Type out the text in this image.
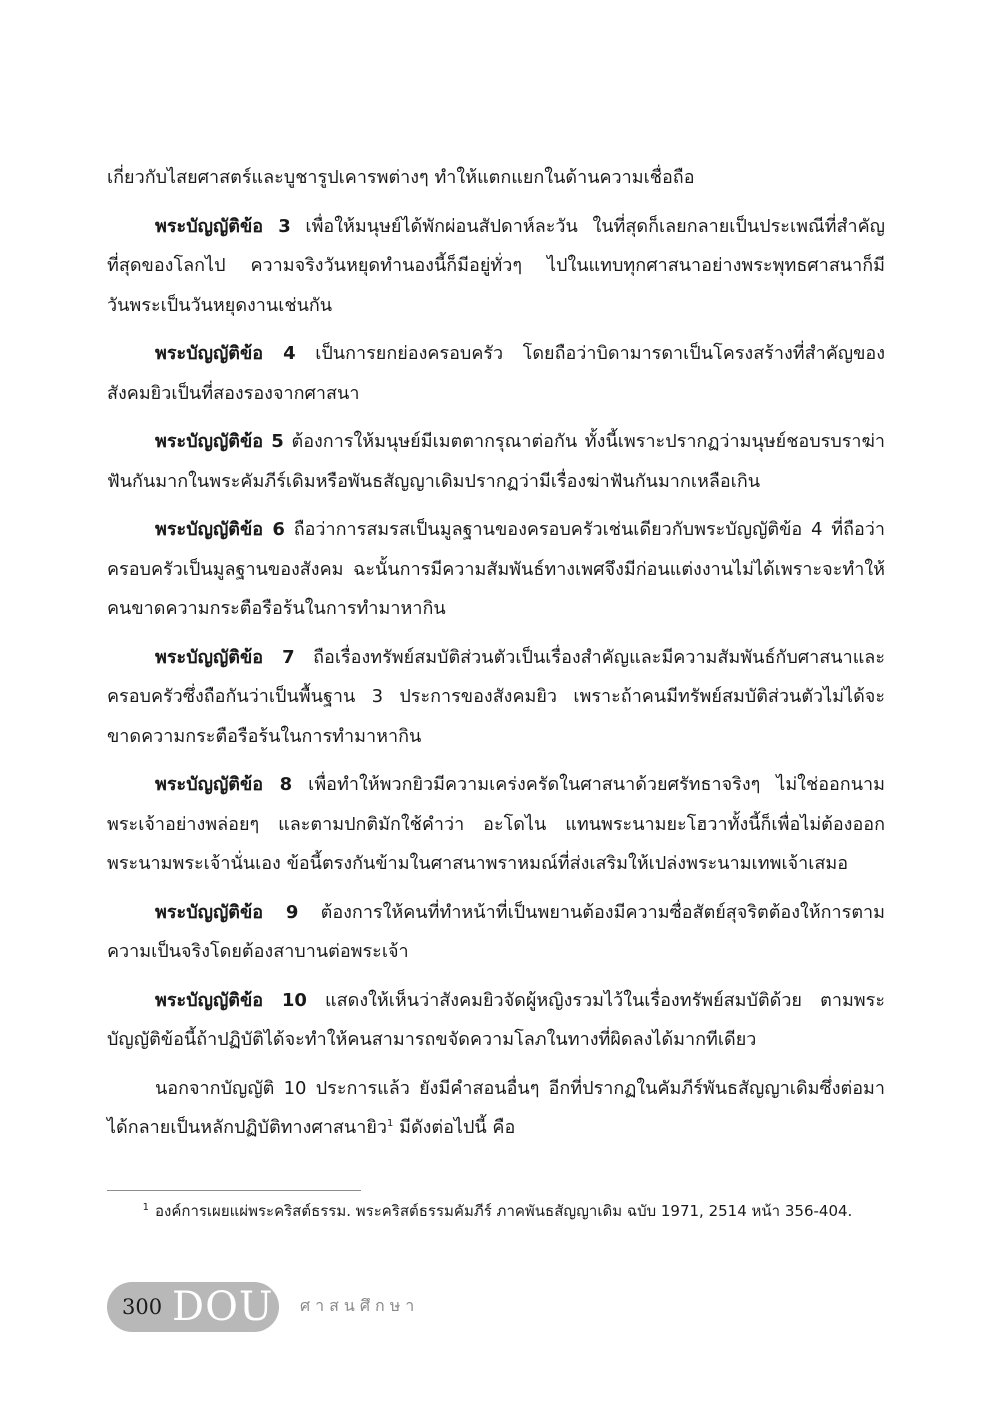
เกี่ยวกับไสยศาสตร์และบูชารูปเคารพต่างๆ ทำให้แตกแยกในด้านความเชื่อถือ

พระบัญญัติข้อ 3 เพื่อให้มนุษย์ได้พักผ่อนสัปดาห์ละวัน ในที่สุดก็เลยกลายเป็นประเพณีที่สำคัญที่สุดของโลกไป ความจริงวันหยุดทำนองนี้ก็มีอยู่ทั่วๆ ไปในแทบทุกศาสนาอย่างพระพุทธศาสนาก็มีวันพระเป็นวันหยุดงานเช่นกัน

พระบัญญัติข้อ 4 เป็นการยกย่องครอบครัว โดยถือว่าบิดามารดาเป็นโครงสร้างที่สำคัญของสังคมยิวเป็นที่สองรองจากศาสนา

พระบัญญัติข้อ 5 ต้องการให้มนุษย์มีเมตตากรุณาต่อกัน ทั้งนี้เพราะปรากฏว่ามนุษย์ชอบรบราฆ่าฟันกันมากในพระคัมภีร์เดิมหรือพันธสัญญาเดิมปรากฏว่ามีเรื่องฆ่าฟันกันมากเหลือเกิน

พระบัญญัติข้อ 6 ถือว่าการสมรสเป็นมูลฐานของครอบครัวเช่นเดียวกับพระบัญญัติข้อ 4 ที่ถือว่าครอบครัวเป็นมูลฐานของสังคม ฉะนั้นการมีความสัมพันธ์ทางเพศจึงมีก่อนแต่งงานไม่ได้เพราะจะทำให้คนขาดความกระตือรือร้นในการทำมาหากิน

พระบัญญัติข้อ 7 ถือเรื่องทรัพย์สมบัติส่วนตัวเป็นเรื่องสำคัญและมีความสัมพันธ์กับศาสนาและครอบครัวซึ่งถือกันว่าเป็นพื้นฐาน 3 ประการของสังคมยิว เพราะถ้าคนมีทรัพย์สมบัติส่วนตัวไม่ได้จะขาดความกระตือรือร้นในการทำมาหากิน

พระบัญญัติข้อ 8 เพื่อทำให้พวกยิวมีความเคร่งครัดในศาสนาด้วยศรัทธาจริงๆ ไม่ใช่ออกนามพระเจ้าอย่างพล่อยๆ และตามปกติมักใช้คำว่า อะโดไน แทนพระนามยะโฮวาทั้งนี้ก็เพื่อไม่ต้องออกพระนามพระเจ้านั่นเอง ข้อนี้ตรงกันข้ามในศาสนาพราหมณ์ที่ส่งเสริมให้เปล่งพระนามเทพเจ้าเสมอ

พระบัญญัติข้อ 9 ต้องการให้คนที่ทำหน้าที่เป็นพยานต้องมีความซื่อสัตย์สุจริตต้องให้การตามความเป็นจริงโดยต้องสาบานต่อพระเจ้า

พระบัญญัติข้อ 10 แสดงให้เห็นว่าสังคมยิวจัดผู้หญิงรวมไว้ในเรื่องทรัพย์สมบัติด้วย ตามพระบัญญัติข้อนี้ถ้าปฏิบัติได้จะทำให้คนสามารถขจัดความโลภในทางที่ผิดลงได้มากทีเดียว

นอกจากบัญญัติ 10 ประการแล้ว ยังมีคำสอนอื่นๆ อีกที่ปรากฏในคัมภีร์พันธสัญญาเดิมซึ่งต่อมาได้กลายเป็นหลักปฏิบัติทางศาสนายิว$^1$ มีดังต่อไปนี้ คือ

1 องค์การเผยแผ่พระคริสต์ธรรม. พระคริสต์ธรรมคัมภีร์ ภาคพันธสัญญาเดิม ฉบับ 1971, 2514 หน้า 356-404.
300 DOU ศาสนศึกษา
